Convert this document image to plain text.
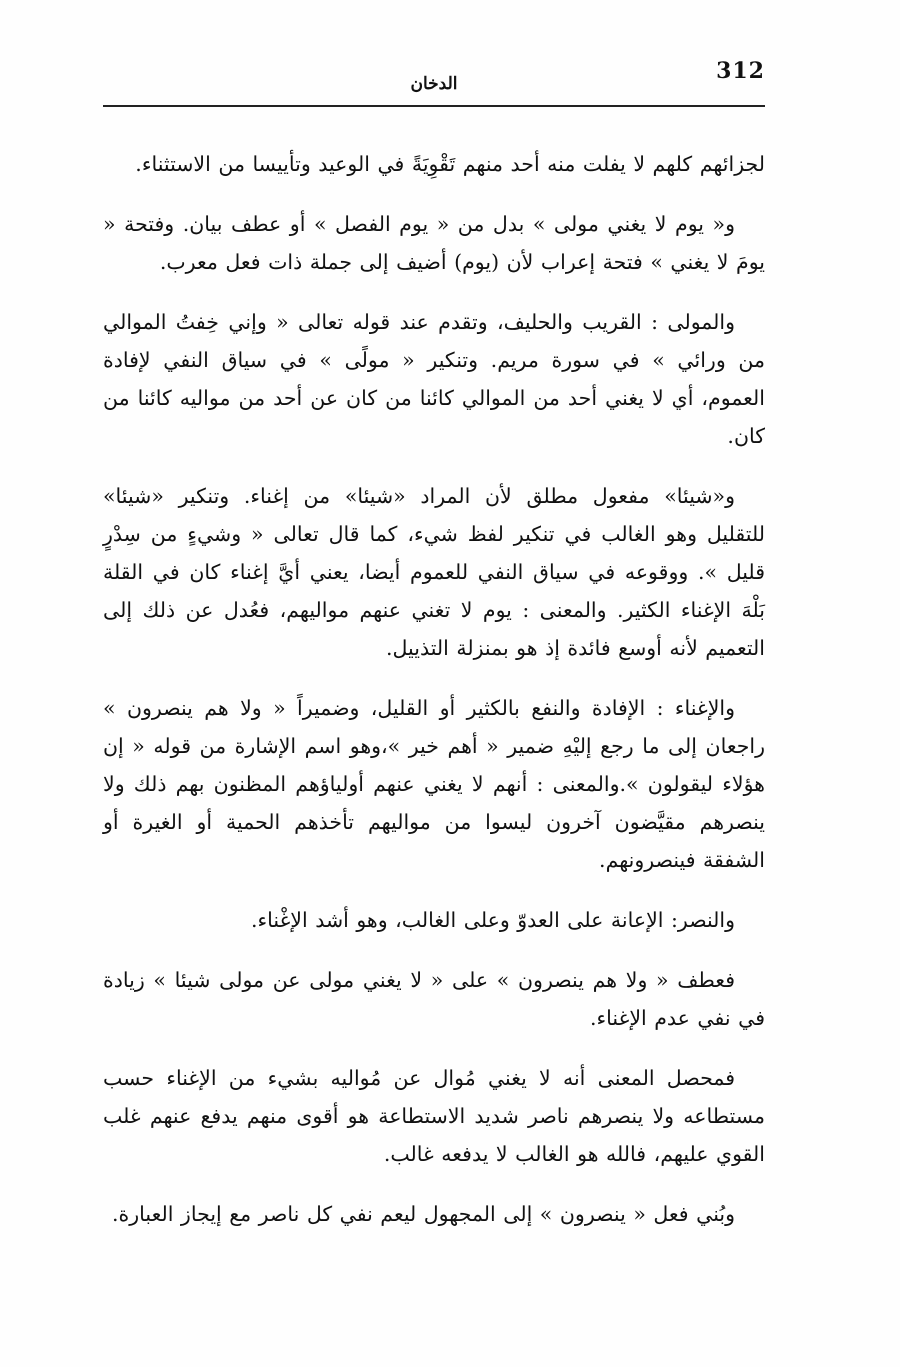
312
الدخان

لجزائهم كلهم لا يفلت منه أحد منهم تَقْوِيَةً في الوعيد وتأييسا من الاستثناء.

و« يوم لا يغني مولى » بدل من « يوم الفصل » أو عطف بيان. وفتحة « يومَ لا يغني » فتحة إعراب لأن (يوم) أضيف إلى جملة ذات فعل معرب.

والمولى : القريب والحليف، وتقدم عند قوله تعالى « وإني خِفتُ الموالي من ورائي » في سورة مريم. وتنكير « مولًى » في سياق النفي لإفادة العموم، أي لا يغني أحد من الموالي كائنا من كان عن أحد من مواليه كائنا من كان.

و«شيئا» مفعول مطلق لأن المراد «شيئا» من إغناء. وتنكير «شيئا» للتقليل وهو الغالب في تنكير لفظ شيء، كما قال تعالى « وشيءٍ من سِدْرٍ قليل ». ووقوعه في سياق النفي للعموم أيضا، يعني أيَّ إغناء كان في القلة بَلْهَ الإغناء الكثير. والمعنى : يوم لا تغني عنهم مواليهم، فعُدل عن ذلك إلى التعميم لأنه أوسع فائدة إذ هو بمنزلة التذييل.

والإغناء : الإفادة والنفع بالكثير أو القليل، وضميراً « ولا هم ينصرون » راجعان إلى ما رجع إليْهِ ضمير « أهم خير »،وهو اسم الإشارة من قوله « إن هؤلاء ليقولون ».والمعنى : أنهم لا يغني عنهم أولياؤهم المظنون بهم ذلك ولا ينصرهم مقيَّضون آخرون ليسوا من مواليهم تأخذهم الحمية أو الغيرة أو الشفقة فينصرونهم.

والنصر: الإعانة على العدوّ وعلى الغالب، وهو أشد الإغْناء.

فعطف « ولا هم ينصرون » على « لا يغني مولى عن مولى شيئا » زيادة في نفي عدم الإغناء.

فمحصل المعنى أنه لا يغني مُوال عن مُواليه بشيء من الإغناء حسب مستطاعه ولا ينصرهم ناصر شديد الاستطاعة هو أقوى منهم يدفع عنهم غلب القوي عليهم، فالله هو الغالب لا يدفعه غالب.

وبُني فعل « ينصرون » إلى المجهول ليعم نفي كل ناصر مع إيجاز العبارة.
